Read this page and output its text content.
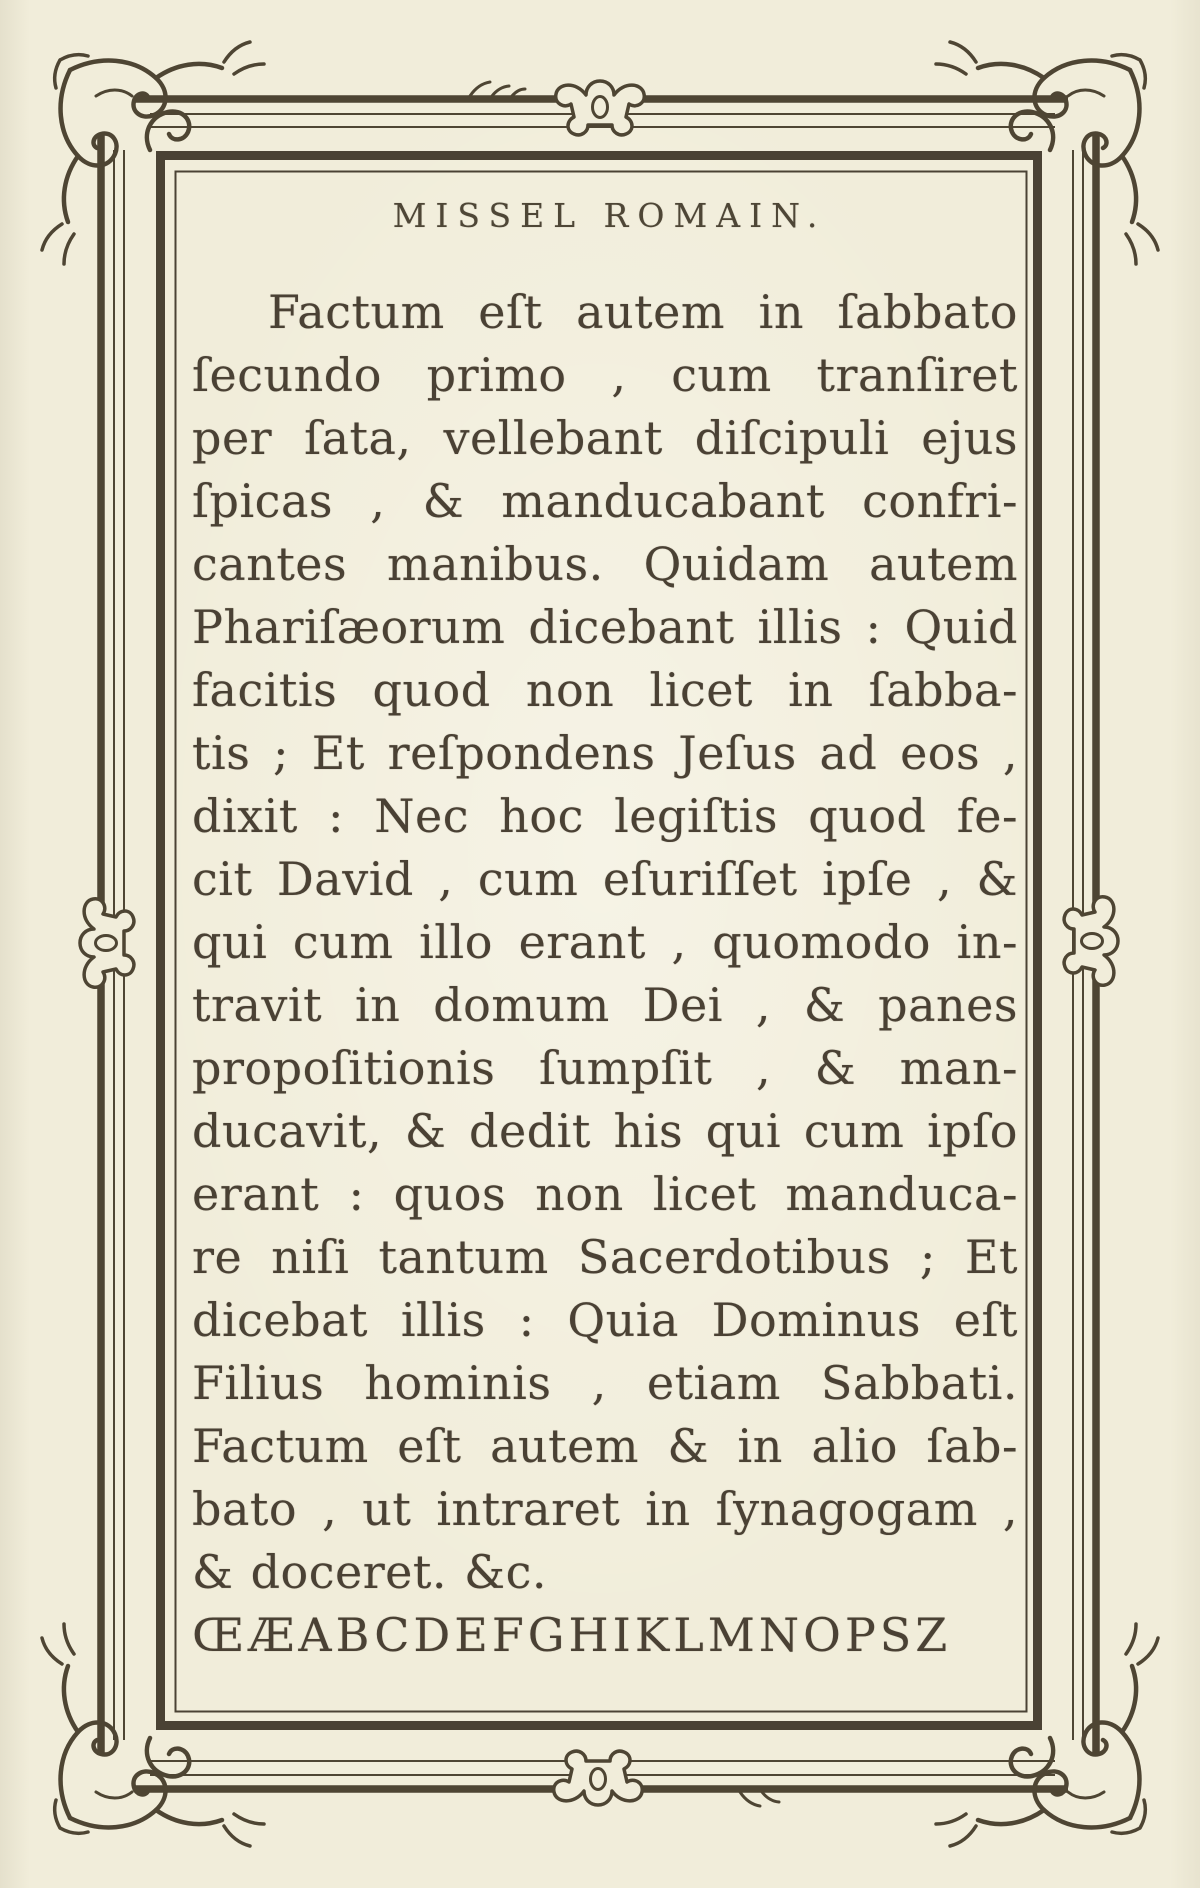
MISSEL ROMAIN.
Factum eſt autem in ſabbato
ſecundo primo , cum tranſiret
per ſata, vellebant diſcipuli ejus
ſpicas , & manducabant confri-
cantes manibus. Quidam autem
Phariſæorum dicebant illis : Quid
facitis quod non licet in ſabba-
tis ; Et reſpondens Jeſus ad eos ,
dixit : Nec hoc legiſtis quod fe-
cit David , cum eſuriſſet ipſe , &
qui cum illo erant , quomodo in-
travit in domum Dei , & panes
propoſitionis ſumpſit , & man-
ducavit, & dedit his qui cum ipſo
erant : quos non licet manduca-
re niſi tantum Sacerdotibus ; Et
dicebat illis : Quia Dominus eſt
Filius hominis , etiam Sabbati.
Factum eſt autem & in alio ſab-
bato , ut intraret in ſynagogam ,
& doceret. &c.
ŒÆABCDEFGHIKLMNOPSZ
